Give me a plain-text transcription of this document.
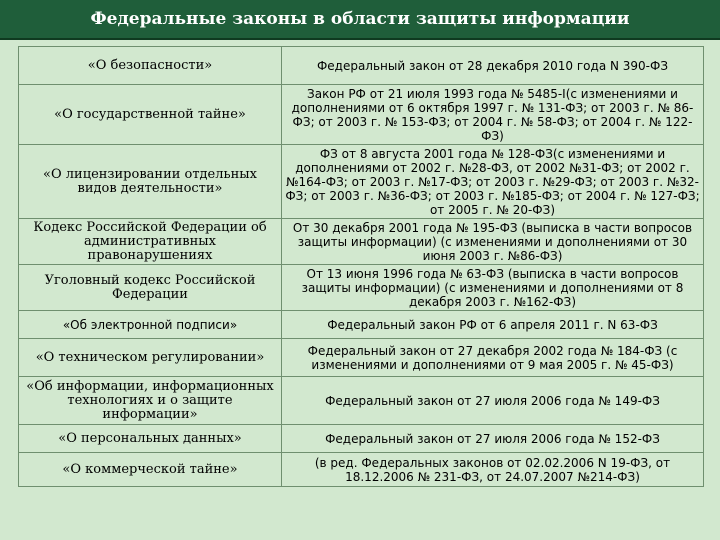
Федеральные законы в области защиты информации
«О безопасности»	Федеральный закон от 28 декабря 2010 года N 390-ФЗ
«О государственной тайне»	Закон РФ от 21 июля 1993 года № 5485-I(с изменениями и дополнениями от 6 октября 1997 г. № 131-ФЗ; от 2003 г. № 86-ФЗ; от 2003 г. № 153-ФЗ; от 2004 г. № 58-ФЗ; от 2004 г. № 122-ФЗ)
«О лицензировании отдельных видов деятельности»	ФЗ от 8 августа 2001 года № 128-ФЗ(с изменениями и дополнениями от 2002 г. №28-ФЗ, от 2002 №31-ФЗ; от 2002 г. №164-ФЗ; от 2003 г. №17-ФЗ; от 2003 г. №29-ФЗ; от 2003 г. №32-ФЗ; от 2003 г. №36-ФЗ; от 2003 г. №185-ФЗ; от 2004 г. № 127-ФЗ; от 2005 г. № 20-ФЗ)
Кодекс Российской Федерации об административных правонарушениях	От 30 декабря 2001 года № 195-ФЗ (выписка в части вопросов защиты информации) (с изменениями и дополнениями от 30 июня 2003 г. №86-ФЗ)
Уголовный кодекс Российской Федерации	От 13 июня 1996 года № 63-ФЗ (выписка в части вопросов защиты информации) (с изменениями и дополнениями от 8 декабря 2003 г. №162-ФЗ)
«Об электронной подписи»	Федеральный закон РФ от 6 апреля 2011 г. N 63-ФЗ
«О техническом регулировании»	Федеральный закон от 27 декабря 2002 года № 184-ФЗ (с изменениями и дополнениями от 9 мая 2005 г. № 45-ФЗ)
«Об информации, информационных технологиях и о защите информации»	Федеральный закон от 27 июля 2006 года № 149-ФЗ
«О персональных данных»	Федеральный закон от 27 июля 2006 года № 152-ФЗ
«О коммерческой тайне»	(в ред. Федеральных законов от 02.02.2006 N 19-ФЗ, от 18.12.2006 № 231-ФЗ, от 24.07.2007 №214-ФЗ)
